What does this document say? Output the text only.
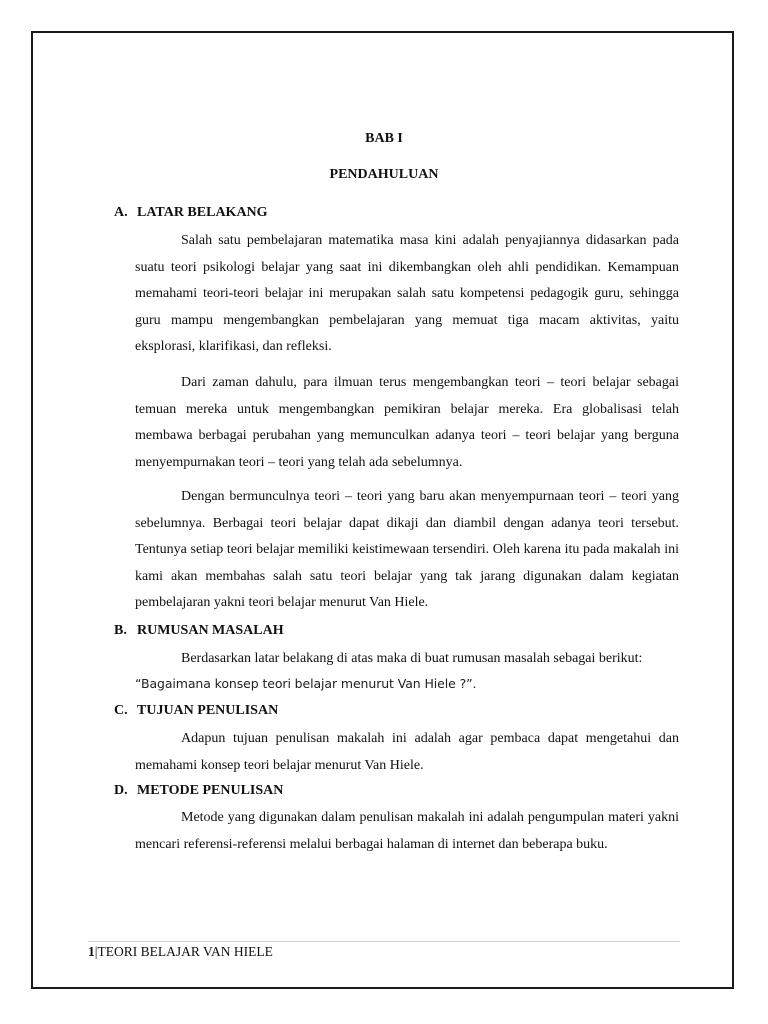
BAB I
PENDAHULUAN
A. LATAR BELAKANG

Salah satu pembelajaran matematika masa kini adalah penyajiannya didasarkan pada suatu teori psikologi belajar yang saat ini dikembangkan oleh ahli pendidikan. Kemampuan memahami teori-teori belajar ini merupakan salah satu kompetensi pedagogik guru, sehingga guru mampu mengembangkan pembelajaran yang memuat tiga macam aktivitas, yaitu eksplorasi, klarifikasi, dan refleksi.

Dari zaman dahulu, para ilmuan terus mengembangkan teori – teori belajar sebagai temuan mereka untuk mengembangkan pemikiran belajar mereka. Era globalisasi telah membawa berbagai perubahan yang memunculkan adanya teori – teori belajar yang berguna menyempurnakan teori – teori yang telah ada sebelumnya.

Dengan bermunculnya teori – teori yang baru akan menyempurnaan teori – teori yang sebelumnya. Berbagai teori belajar dapat dikaji dan diambil dengan adanya teori tersebut. Tentunya setiap teori belajar memiliki keistimewaan tersendiri. Oleh karena itu pada makalah ini kami akan membahas salah satu teori belajar yang tak jarang digunakan dalam kegiatan pembelajaran yakni teori belajar menurut Van Hiele.

B. RUMUSAN MASALAH

Berdasarkan latar belakang di atas maka di buat rumusan masalah sebagai berikut:

“Bagaimana konsep teori belajar menurut Van Hiele ?”.
C. TUJUAN PENULISAN

Adapun tujuan penulisan makalah ini adalah agar pembaca dapat mengetahui dan memahami konsep teori belajar menurut Van Hiele.

D. METODE PENULISAN

Metode yang digunakan dalam penulisan makalah ini adalah pengumpulan materi yakni mencari referensi-referensi melalui berbagai halaman di internet dan beberapa buku.

1|TEORI BELAJAR VAN HIELE
